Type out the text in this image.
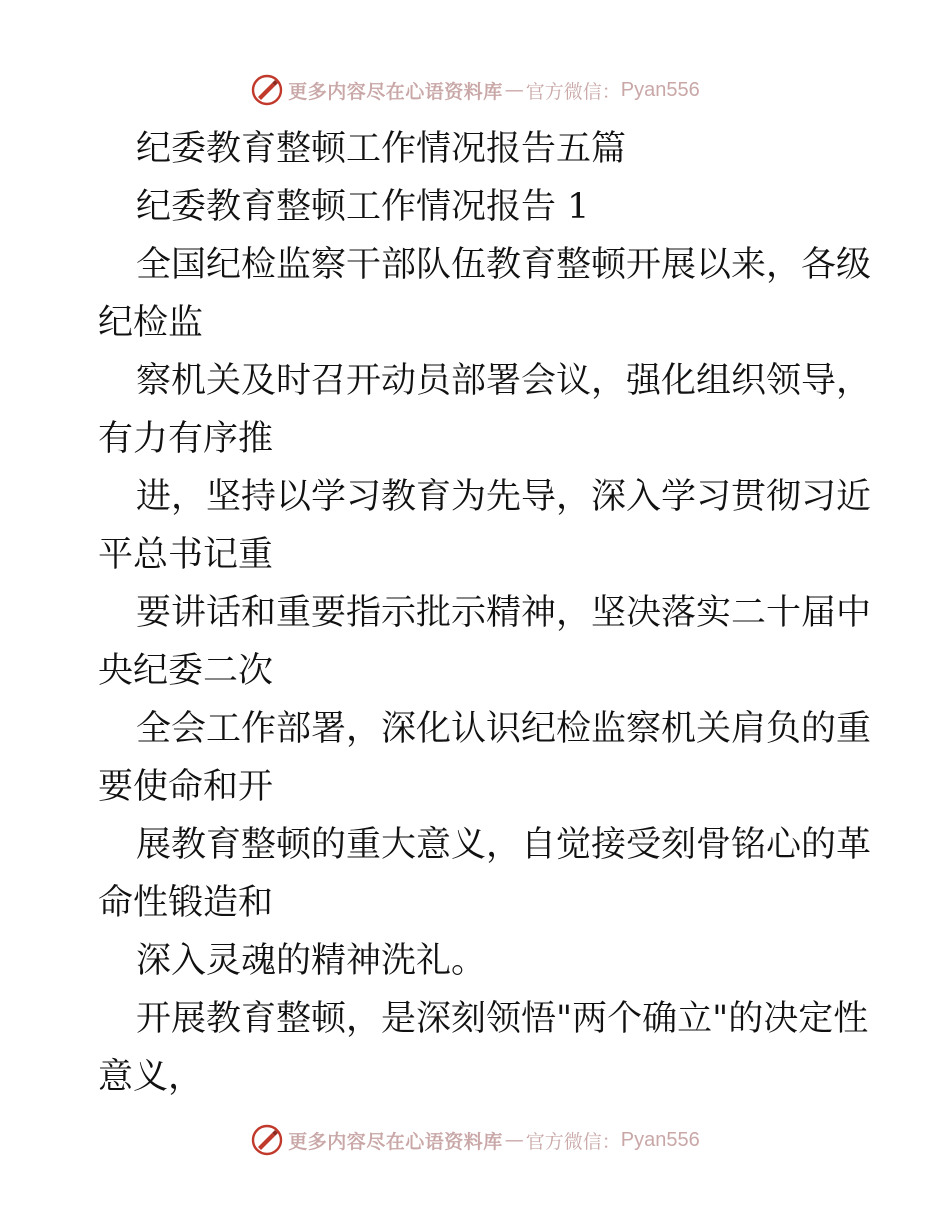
更多内容尽在心语资料库 — 官方微信： Pyan556
纪委教育整顿工作情况报告五篇
纪委教育整顿工作情况报告 1
全国纪检监察干部队伍教育整顿开展以来，各级
纪检监
察机关及时召开动员部署会议，强化组织领导，
有力有序推
进，坚持以学习教育为先导，深入学习贯彻习近
平总书记重
要讲话和重要指示批示精神，坚决落实二十届中
央纪委二次
全会工作部署，深化认识纪检监察机关肩负的重
要使命和开
展教育整顿的重大意义，自觉接受刻骨铭心的革
命性锻造和
深入灵魂的精神洗礼。
开展教育整顿，是深刻领悟"两个确立"的决定性
意义，
更多内容尽在心语资料库 — 官方微信： Pyan556
